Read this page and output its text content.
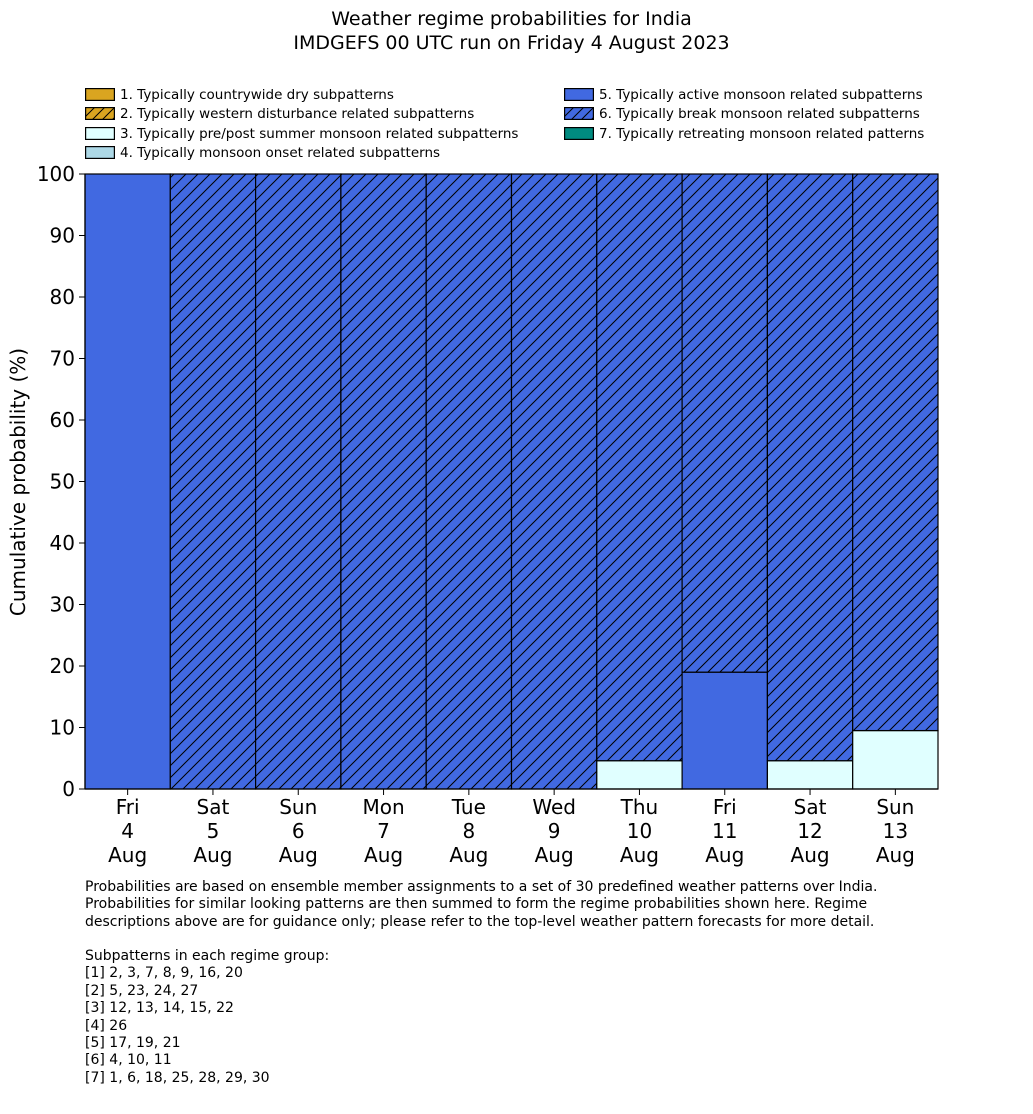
Weather regime probabilities for India
IMDGEFS 00 UTC run on Friday 4 August 2023
1. Typically countrywide dry subpatterns
2. Typically western disturbance related subpatterns
3. Typically pre/post summer monsoon related subpatterns
4. Typically monsoon onset related subpatterns
5. Typically active monsoon related subpatterns
6. Typically break monsoon related subpatterns
7. Typically retreating monsoon related patterns
0
10
20
30
40
50
60
70
80
90
100
Fri 4 Aug
Sat 5 Aug
Sun 6 Aug
Mon 7 Aug
Tue 8 Aug
Wed 9 Aug
Thu 10 Aug
Fri 11 Aug
Sat 12 Aug
Sun 13 Aug
Cumulative probability (%)
Probabilities are based on ensemble member assignments to a set of 30 predefined weather patterns over India.
Probabilities for similar looking patterns are then summed to form the regime probabilities shown here. Regime
descriptions above are for guidance only; please refer to the top-level weather pattern forecasts for more detail.
Subpatterns in each regime group:
[1] 2, 3, 7, 8, 9, 16, 20
[2] 5, 23, 24, 27
[3] 12, 13, 14, 15, 22
[4] 26
[5] 17, 19, 21
[6] 4, 10, 11
[7] 1, 6, 18, 25, 28, 29, 30
